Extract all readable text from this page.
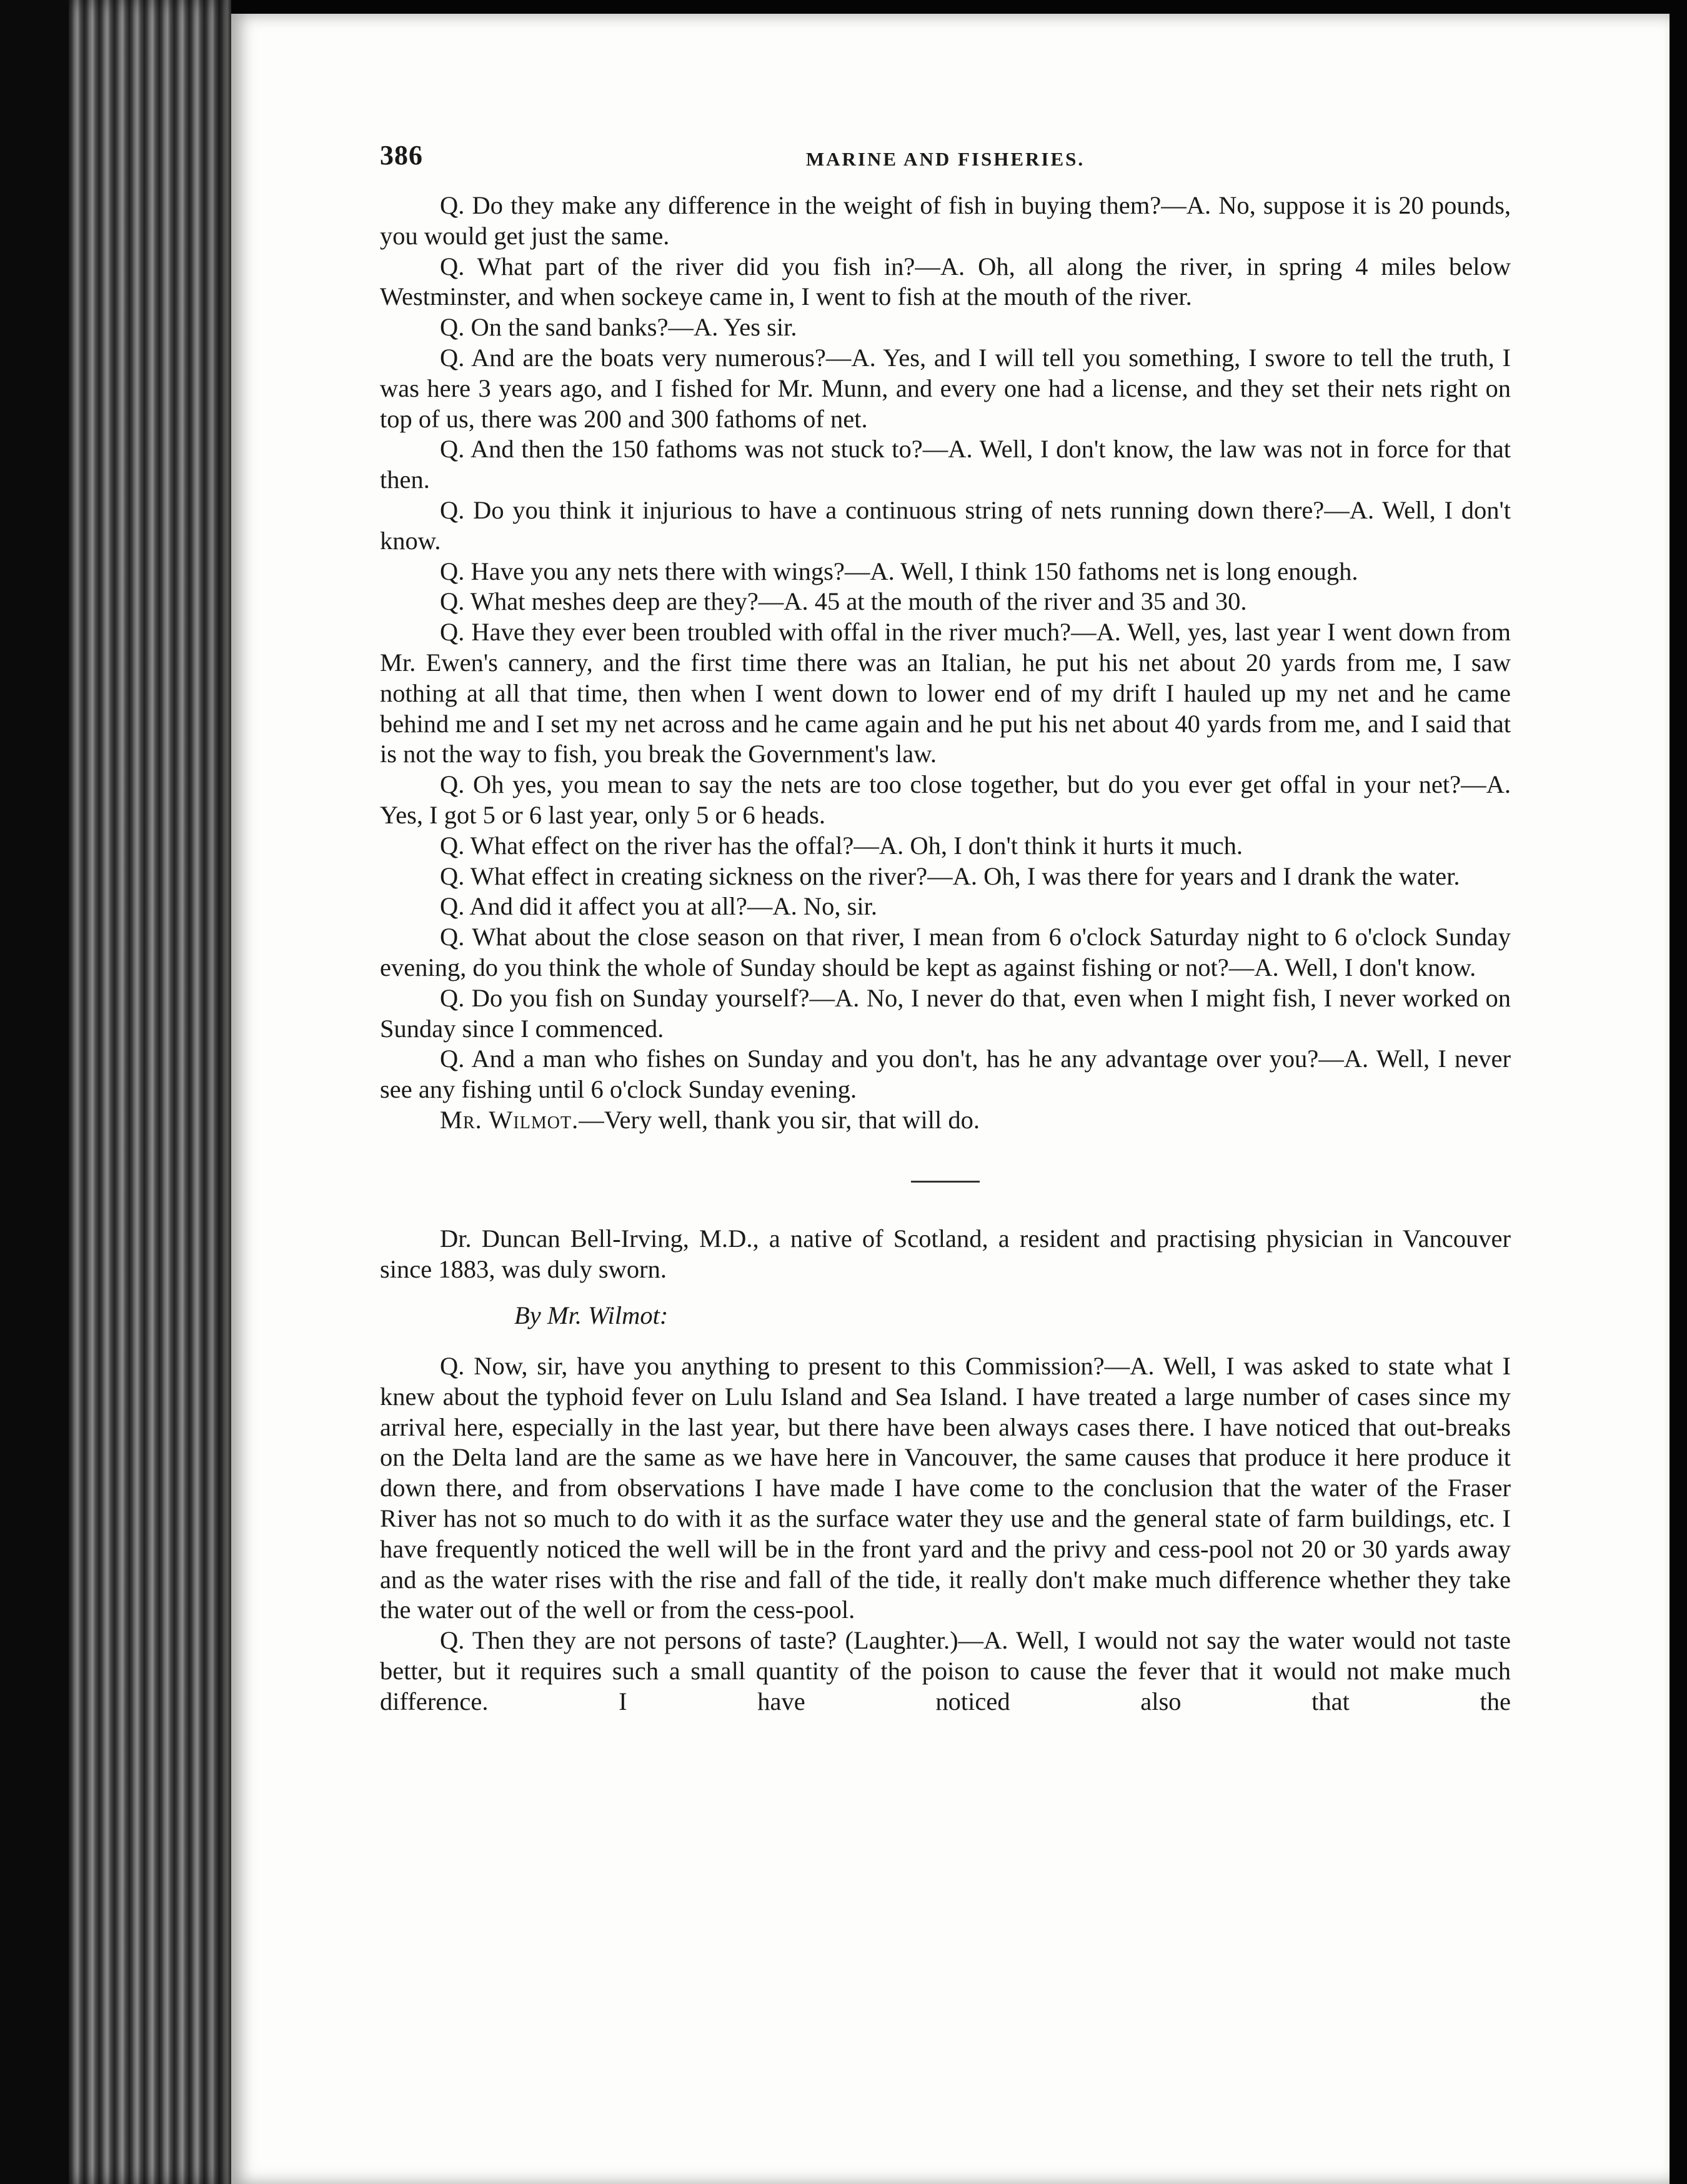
386	MARINE AND FISHERIES.

Q. Do they make any difference in the weight of fish in buying them?—A. No, suppose it is 20 pounds, you would get just the same.

Q. What part of the river did you fish in?—A. Oh, all along the river, in spring 4 miles below Westminster, and when sockeye came in, I went to fish at the mouth of the river.

Q. On the sand banks?—A. Yes sir.

Q. And are the boats very numerous?—A. Yes, and I will tell you something, I swore to tell the truth, I was here 3 years ago, and I fished for Mr. Munn, and every one had a license, and they set their nets right on top of us, there was 200 and 300 fathoms of net.

Q. And then the 150 fathoms was not stuck to?—A. Well, I don't know, the law was not in force for that then.

Q. Do you think it injurious to have a continuous string of nets running down there?—A. Well, I don't know.

Q. Have you any nets there with wings?—A. Well, I think 150 fathoms net is long enough.

Q. What meshes deep are they?—A. 45 at the mouth of the river and 35 and 30.

Q. Have they ever been troubled with offal in the river much?—A. Well, yes, last year I went down from Mr. Ewen's cannery, and the first time there was an Italian, he put his net about 20 yards from me, I saw nothing at all that time, then when I went down to lower end of my drift I hauled up my net and he came behind me and I set my net across and he came again and he put his net about 40 yards from me, and I said that is not the way to fish, you break the Government's law.

Q. Oh yes, you mean to say the nets are too close together, but do you ever get offal in your net?—A. Yes, I got 5 or 6 last year, only 5 or 6 heads.

Q. What effect on the river has the offal?—A. Oh, I don't think it hurts it much.

Q. What effect in creating sickness on the river?—A. Oh, I was there for years and I drank the water.

Q. And did it affect you at all?—A. No, sir.

Q. What about the close season on that river, I mean from 6 o'clock Saturday night to 6 o'clock Sunday evening, do you think the whole of Sunday should be kept as against fishing or not?—A. Well, I don't know.

Q. Do you fish on Sunday yourself?—A. No, I never do that, even when I might fish, I never worked on Sunday since I commenced.

Q. And a man who fishes on Sunday and you don't, has he any advantage over you?—A. Well, I never see any fishing until 6 o'clock Sunday evening.

Mr. Wilmot.—Very well, thank you sir, that will do.

Dr. Duncan Bell-Irving, M.D., a native of Scotland, a resident and practising physician in Vancouver since 1883, was duly sworn.

By Mr. Wilmot:

Q. Now, sir, have you anything to present to this Commission?—A. Well, I was asked to state what I knew about the typhoid fever on Lulu Island and Sea Island. I have treated a large number of cases since my arrival here, especially in the last year, but there have been always cases there. I have noticed that out-breaks on the Delta land are the same as we have here in Vancouver, the same causes that produce it here produce it down there, and from observations I have made I have come to the conclusion that the water of the Fraser River has not so much to do with it as the surface water they use and the general state of farm buildings, etc. I have frequently noticed the well will be in the front yard and the privy and cess-pool not 20 or 30 yards away and as the water rises with the rise and fall of the tide, it really don't make much difference whether they take the water out of the well or from the cess-pool.

Q. Then they are not persons of taste? (Laughter.)—A. Well, I would not say the water would not taste better, but it requires such a small quantity of the poison to cause the fever that it would not make much difference. I have noticed also that the
